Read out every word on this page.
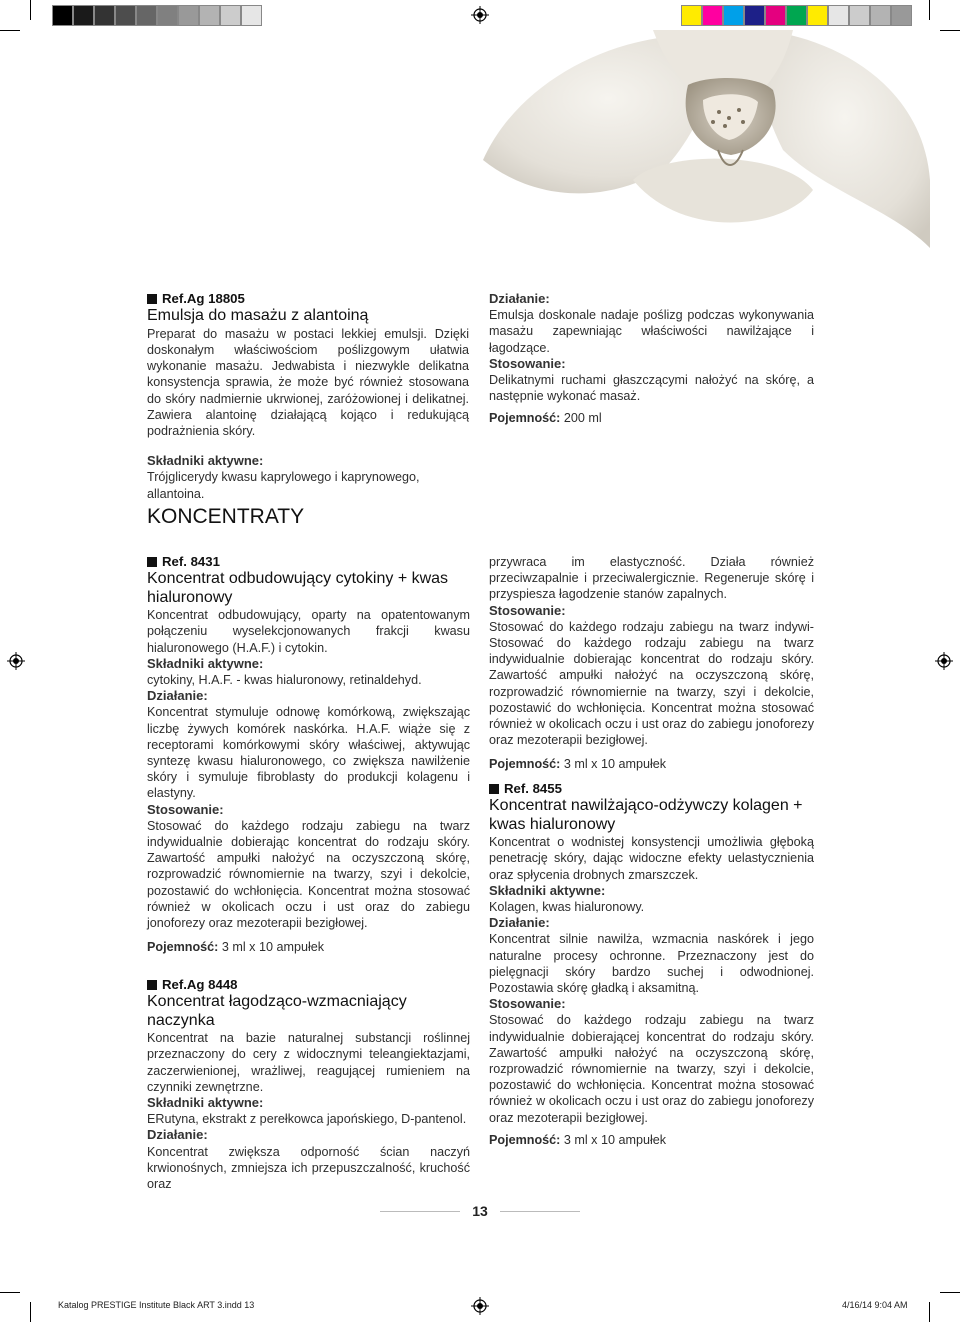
Ref.Ag 18805

Emulsja do masażu z alantoiną

Preparat do masażu w postaci lekkiej emulsji. Dzięki doskonałym właściwościom poślizgowym ułatwia wykonanie masażu. Jedwabista i niezwykle delikatna konsystencja sprawia, że może być również stosowana do skóry nadmiernie ukrwionej, zaróżowionej i delikatnej. Zawiera alantoinę działającą kojąco i redukującą podrażnienia skóry.

Składniki aktywne:

Trójglicerydy kwasu kaprylowego i kaprynowego, allantoina.

Działanie:

Emulsja doskonale nadaje poślizg podczas wykonywania masażu zapewniając właściwości nawilżające i łagodzące.

Stosowanie:

Delikatnymi ruchami głaszczącymi nałożyć na skórę, a następnie wykonać masaż.

Pojemność: 200 ml

KONCENTRATY

Ref. 8431

Koncentrat odbudowujący cytokiny + kwas hialuronowy

Koncentrat odbudowujący, oparty na opatentowanym połączeniu wyselekcjonowanych frakcji kwasu hialuronowego (H.A.F.) i cytokin.

Składniki aktywne:

cytokiny, H.A.F. - kwas hialuronowy, retinaldehyd.

Działanie:

Koncentrat stymuluje odnowę komórkową, zwiększając liczbę żywych komórek naskórka. H.A.F. wiąże się z receptorami komórkowymi skóry właściwej, aktywując syntezę kwasu hialuronowego, co zwiększa nawilżenie skóry i symuluje fibroblasty do produkcji kolagenu i elastyny.

Stosowanie:

Stosować do każdego rodzaju zabiegu na twarz indywidualnie dobierając koncentrat do rodzaju skóry. Zawartość ampułki nałożyć na oczyszczoną skórę, rozprowadzić równomiernie na twarzy, szyi i dekolcie, pozostawić do wchłonięcia. Koncentrat można stosować również w okolicach oczu i ust oraz do zabiegu jonoforezy oraz mezoterapii bezigłowej.

Pojemność: 3 ml x 10 ampułek

Ref.Ag 8448

Koncentrat łagodząco-wzmacniający naczynka

Koncentrat na bazie naturalnej substancji roślinnej przeznaczony do cery z widocznymi teleangiektazjami, zaczerwienionej, wrażliwej, reagującej rumieniem na czynniki zewnętrzne.

Składniki aktywne:

ERutyna, ekstrakt z perełkowca japońskiego, D-pantenol.

Działanie:

Koncentrat zwiększa odporność ścian naczyń krwionośnych, zmniejsza ich przepuszczalność, kruchość oraz

przywraca im elastyczność. Działa również przeciwzapalnie i przeciwalergicznie. Regeneruje skórę i przyspiesza łagodzenie stanów zapalnych.

Stosowanie:

Stosować do każdego rodzaju zabiegu na twarz indywi- Stosować do każdego rodzaju zabiegu na twarz indywidualnie dobierając koncentrat do rodzaju skóry. Zawartość ampułki nałożyć na oczyszczoną skórę, rozprowadzić równomiernie na twarzy, szyi i dekolcie, pozostawić do wchłonięcia. Koncentrat można stosować również w okolicach oczu i ust oraz do zabiegu jonoforezy oraz mezoterapii bezigłowej.

Pojemność: 3 ml x 10 ampułek

Ref. 8455

Koncentrat nawilżająco-odżywczy kolagen + kwas hialuronowy

Koncentrat o wodnistej konsystencji umożliwia głęboką penetrację skóry, dając widoczne efekty uelastycznienia oraz spłycenia drobnych zmarszczek.

Składniki aktywne:

Kolagen, kwas hialuronowy.

Działanie:

Koncentrat silnie nawilża, wzmacnia naskórek i jego naturalne procesy ochronne. Przeznaczony jest do pielęgnacji skóry bardzo suchej i odwodnionej. Pozostawia skórę gładką i aksamitną.

Stosowanie:

Stosować do każdego rodzaju zabiegu na twarz indywidualnie dobierającej koncentrat do rodzaju skóry. Zawartość ampułki nałożyć na oczyszczoną skórę, rozprowadzić równomiernie na twarzy, szyi i dekolcie, pozostawić do wchłonięcia. Koncentrat można stosować również w okolicach oczu i ust oraz do zabiegu jonoforezy oraz mezoterapii bezigłowej.

Pojemność: 3 ml x 10 ampułek

13
Katalog PRESTIGE Institute Black ART 3.indd 13	4/16/14 9:04 AM
